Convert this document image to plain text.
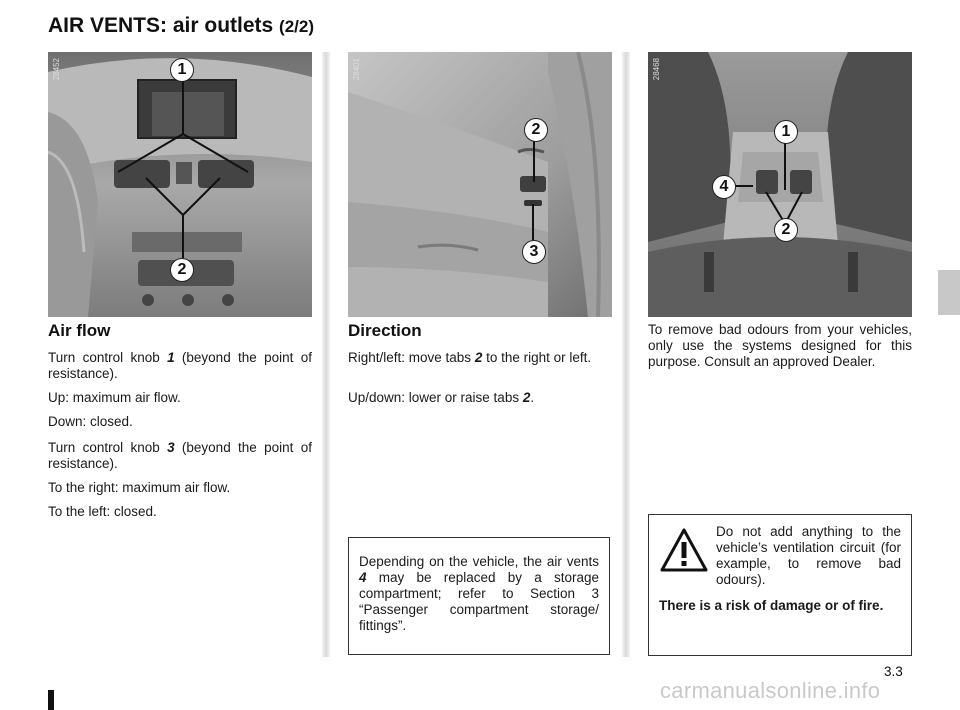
AIR VENTS: air outlets (2/2)
28452	1
2
28401
2
3
28468
1
4
2
Air flow

Turn control knob 1 (beyond the point of resistance).

Up: maximum air flow.

Down: closed.

Turn control knob 3 (beyond the point of resistance).

To the right: maximum air flow.

To the left: closed.

Direction

Right/left: move tabs 2 to the right or left.

Up/down: lower or raise tabs 2.

Depending on the vehicle, the air vents 4 may be replaced by a storage compartment; refer to Section 3 “Passenger compartment storage/ fittings”.

To remove bad odours from your vehicles, only use the systems designed for this purpose. Consult an approved Dealer.

Do not add anything to the vehicle’s ventilation circuit (for example, to remove bad odours).

There is a risk of damage or of fire.

3.3
carmanualsonline.info
